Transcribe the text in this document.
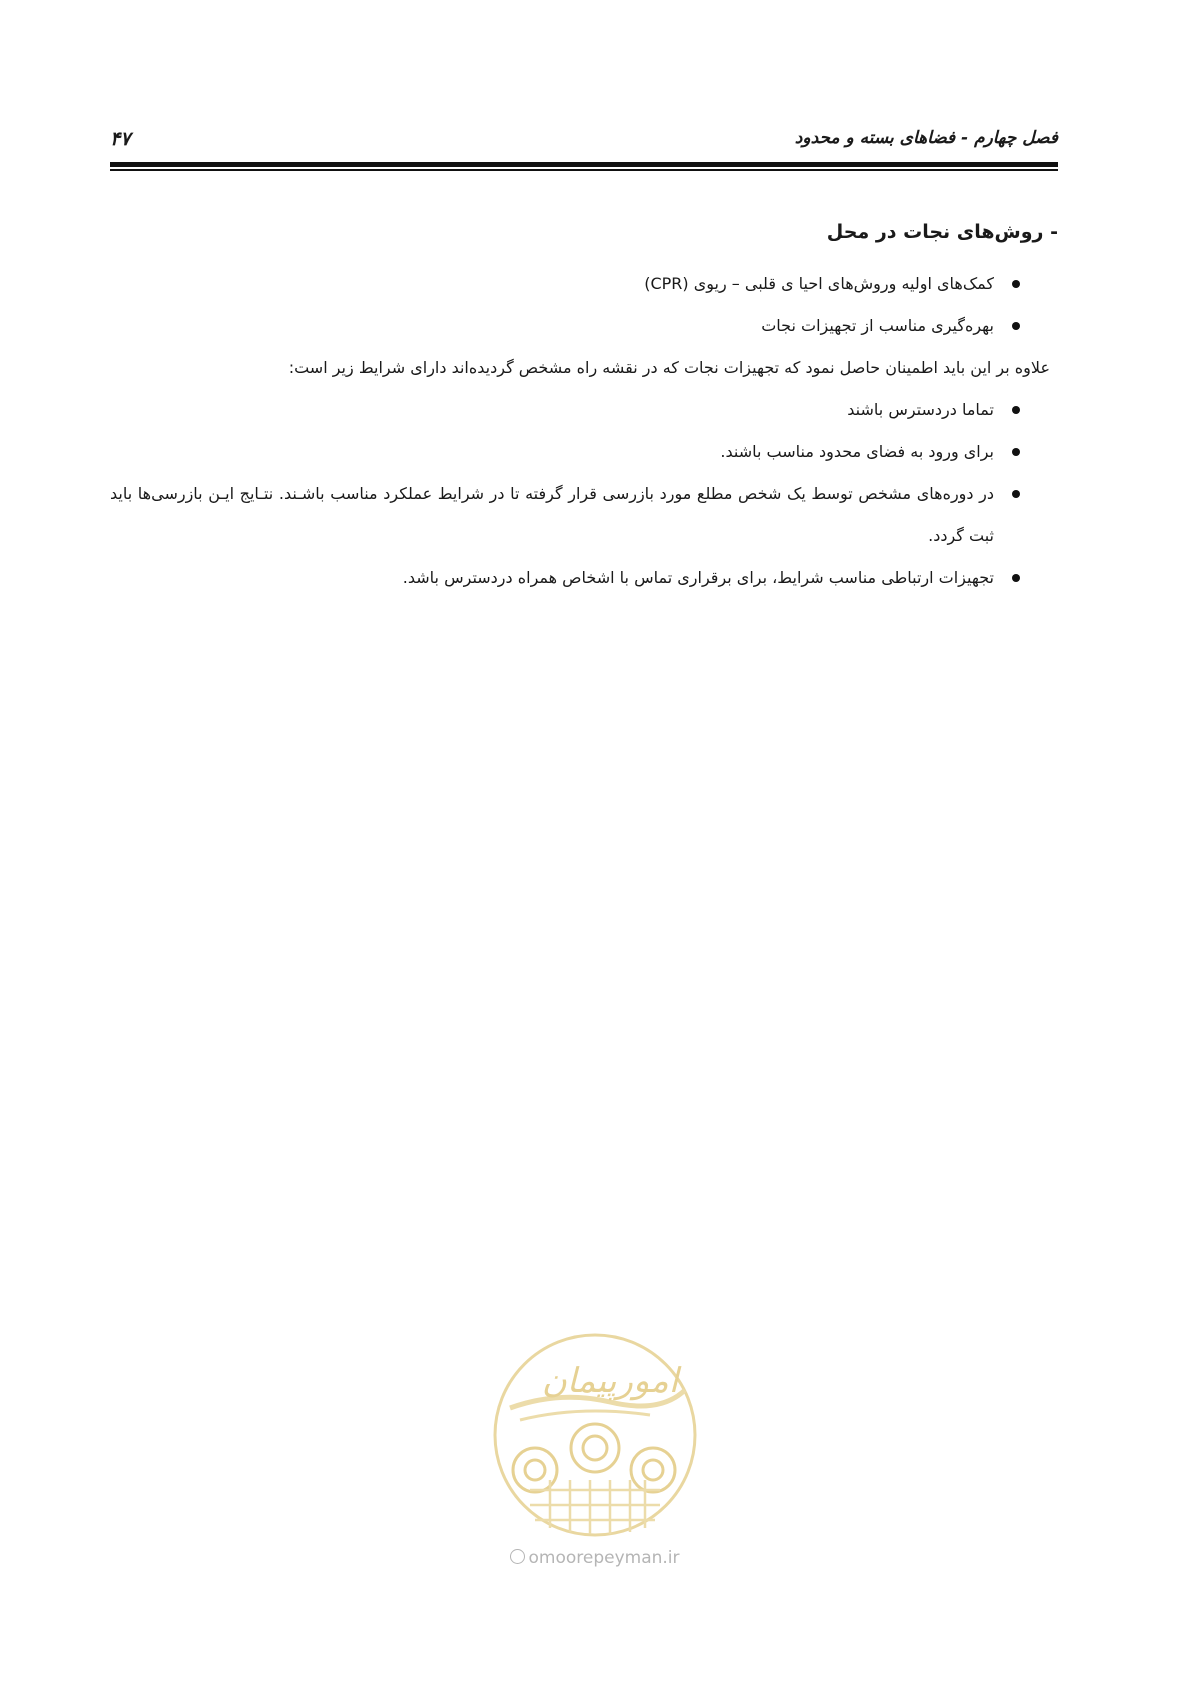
فصل چهارم - فضاهای بسته و محدود
۴۷
- روش‌های نجات در محل
کمک‌های اولیه وروش‌های احیا ی قلبی – ریوی (CPR)
بهره‌گیری مناسب از تجهیزات نجات

علاوه بر این باید اطمینان حاصل نمود که تجهیزات نجات که در نقشه راه مشخص گردیده‌اند دارای شرایط زیر است:

تماما دردسترس باشند
برای ورود به فضای محدود مناسب باشند.
در دوره‌های مشخص توسط یک شخص مطلع مورد بازرسی قرار گرفته تا در شرایط عملکرد مناسب باشـند. نتـایج ایـن بازرسی‌ها باید ثبت گردد.
تجهیزات ارتباطی مناسب شرایط، برای برقراری تماس با اشخاص همراه دردسترس باشد.
امورپیمان
omoorepeyman.ir
